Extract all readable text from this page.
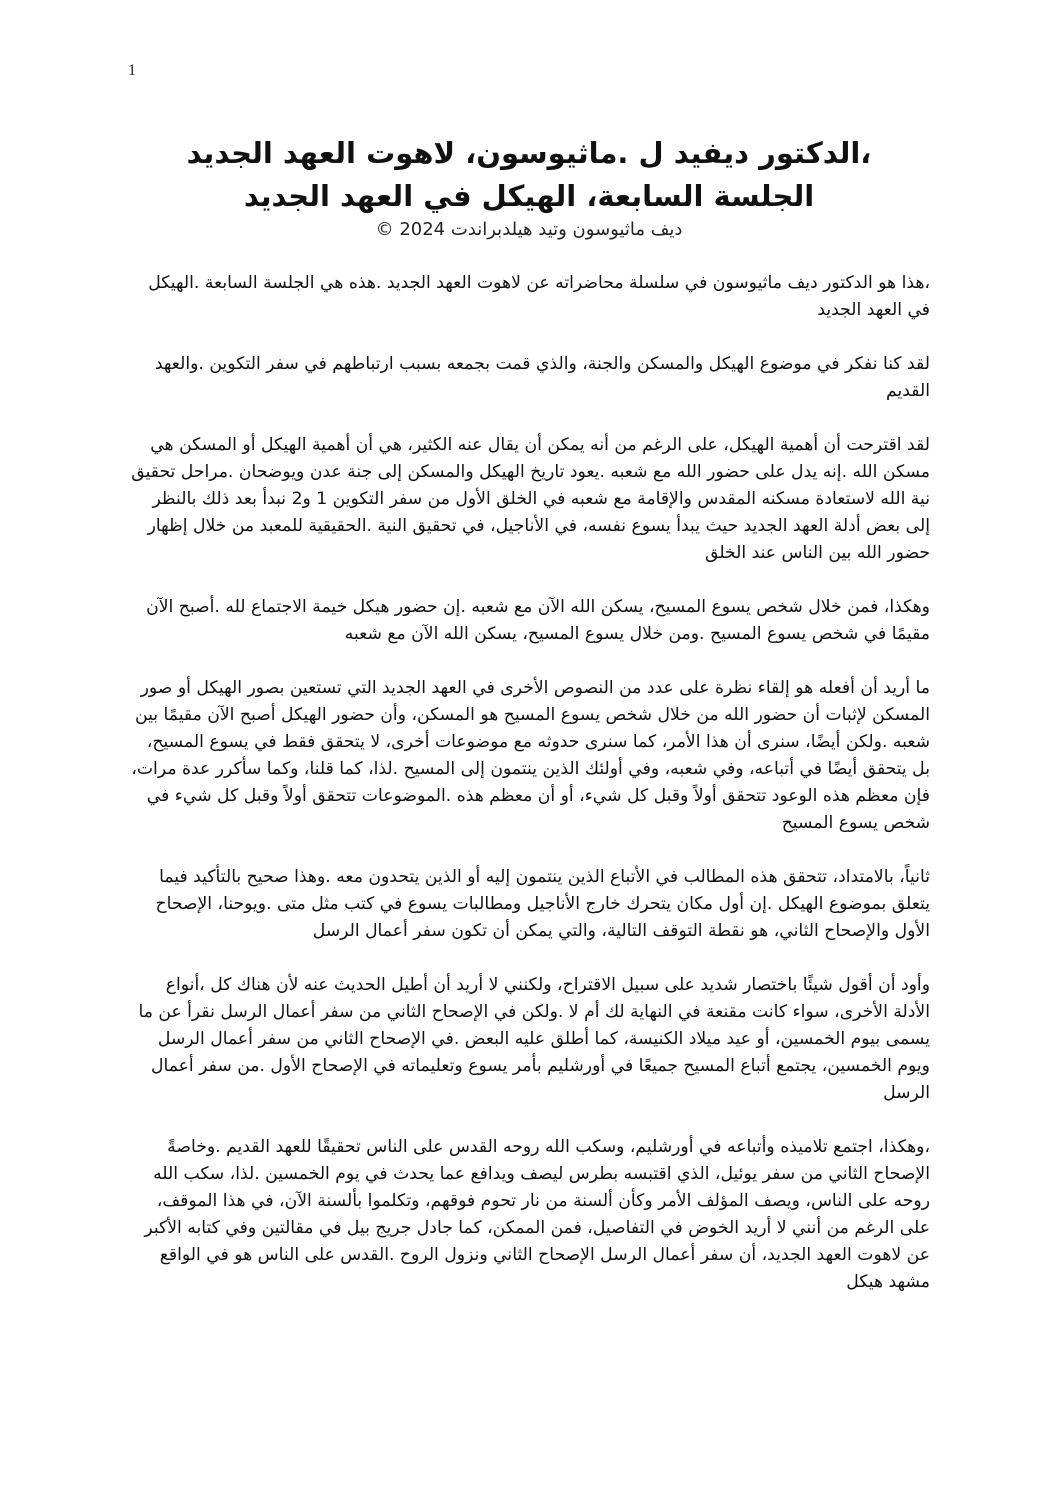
1
،الدكتور ديفيد ل .ماثيوسون، لاهوت العهد الجديد
الجلسة السابعة، الهيكل في العهد الجديد
ديف ماثيوسون وتيد هيلدبراندت 2024 ©

،هذا هو الدكتور ديف ماثيوسون في سلسلة محاضراته عن لاهوت العهد الجديد .هذه هي الجلسة السابعة .الهيكل في العهد الجديد

لقد كنا نفكر في موضوع الهيكل والمسكن والجنة، والذي قمت بجمعه بسبب ارتباطهم في سفر التكوين .والعهد القديم

لقد اقترحت أن أهمية الهيكل، على الرغم من أنه يمكن أن يقال عنه الكثير، هي أن أهمية الهيكل أو المسكن هي مسكن الله .إنه يدل على حضور الله مع شعبه .يعود تاريخ الهيكل والمسكن إلى جنة عدن ويوضحان .مراحل تحقيق نية الله لاستعادة مسكنه المقدس والإقامة مع شعبه في الخلق الأول من سفر التكوين 1 و2 نبدأ بعد ذلك بالنظر إلى بعض أدلة العهد الجديد حيث يبدأ يسوع نفسه، في الأناجيل، في تحقيق النية .الحقيقية للمعبد من خلال إظهار حضور الله بين الناس عند الخلق

وهكذا، فمن خلال شخص يسوع المسيح، يسكن الله الآن مع شعبه .إن حضور هيكل خيمة الاجتماع لله .أصبح الآن مقيمًا في شخص يسوع المسيح .ومن خلال يسوع المسيح، يسكن الله الآن مع شعبه

ما أريد أن أفعله هو إلقاء نظرة على عدد من النصوص الأخرى في العهد الجديد التي تستعين بصور الهيكل أو صور المسكن لإثبات أن حضور الله من خلال شخص يسوع المسيح هو المسكن، وأن حضور الهيكل أصبح الآن مقيمًا بين شعبه .ولكن أيضًا، سنرى أن هذا الأمر، كما سنرى حدوثه مع موضوعات أخرى، لا يتحقق فقط في يسوع المسيح، بل يتحقق أيضًا في أتباعه، وفي شعبه، وفي أولئك الذين ينتمون إلى المسيح .لذا، كما قلنا، وكما سأكرر عدة مرات، فإن معظم هذه الوعود تتحقق أولاً وقبل كل شيء، أو أن معظم هذه .الموضوعات تتحقق أولاً وقبل كل شيء في شخص يسوع المسيح

ثانياً، بالامتداد، تتحقق هذه المطالب في الأتباع الذين ينتمون إليه أو الذين يتحدون معه .وهذا صحيح بالتأكيد فيما يتعلق بموضوع الهيكل .إن أول مكان يتحرك خارج الأناجيل ومطالبات يسوع في كتب مثل متى .ويوحنا، الإصحاح الأول والإصحاح الثاني، هو نقطة التوقف التالية، والتي يمكن أن تكون سفر أعمال الرسل

وأود أن أقول شيئًا باختصار شديد على سبيل الاقتراح، ولكنني لا أريد أن أطيل الحديث عنه لأن هناك كل ،أنواع الأدلة الأخرى، سواء كانت مقنعة في النهاية لك أم لا .ولكن في الإصحاح الثاني من سفر أعمال الرسل نقرأ عن ما يسمى بيوم الخمسين، أو عيد ميلاد الكنيسة، كما أطلق عليه البعض .في الإصحاح الثاني من سفر أعمال الرسل ويوم الخمسين، يجتمع أتباع المسيح جميعًا في أورشليم بأمر يسوع وتعليماته في الإصحاح الأول .من سفر أعمال الرسل

،وهكذا، اجتمع تلاميذه وأتباعه في أورشليم، وسكب الله روحه القدس على الناس تحقيقًا للعهد القديم .وخاصةً الإصحاح الثاني من سفر يوئيل، الذي اقتبسه بطرس ليصف ويدافع عما يحدث في يوم الخمسين .لذا، سكب الله روحه على الناس، ويصف المؤلف الأمر وكأن ألسنة من نار تحوم فوقهم، وتكلموا بألسنة الآن، في هذا الموقف، على الرغم من أنني لا أريد الخوض في التفاصيل، فمن الممكن، كما جادل جريج بيل في مقالتين وفي كتابه الأكبر عن لاهوت العهد الجديد، أن سفر أعمال الرسل الإصحاح الثاني ونزول الروح .القدس على الناس هو في الواقع مشهد هيكل
